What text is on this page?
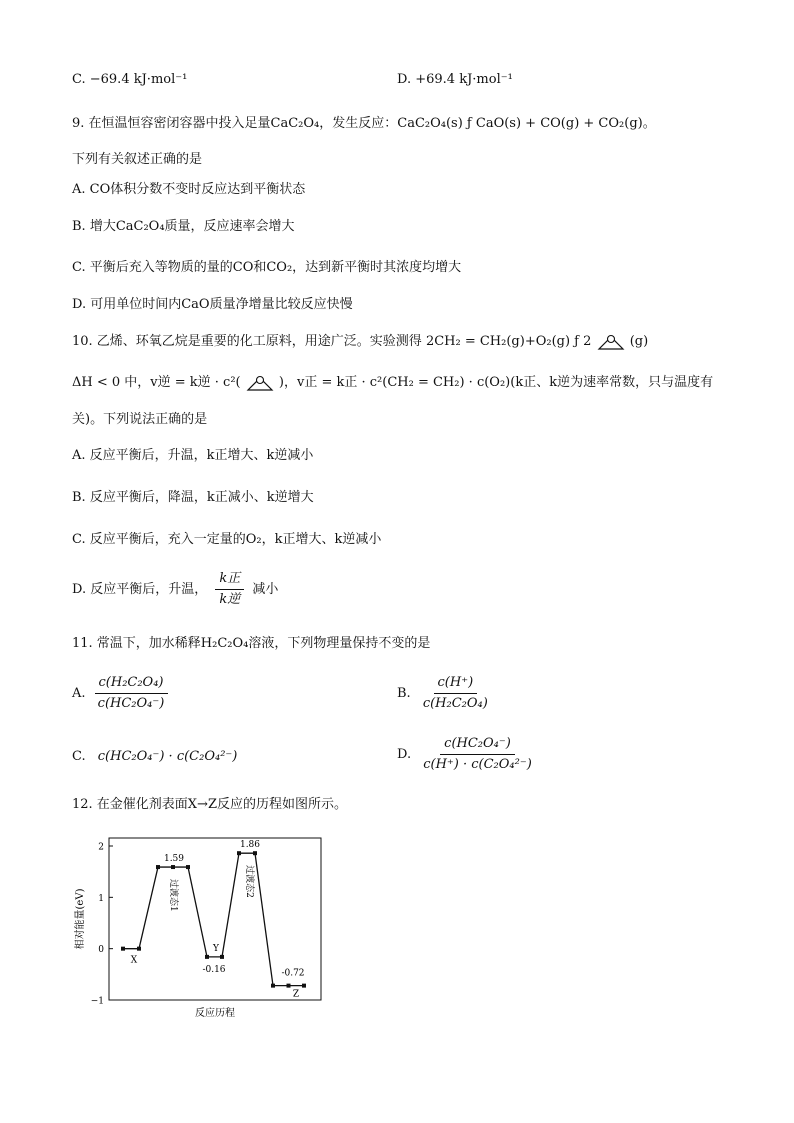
C. −69.4 kJ·mol⁻¹	D. +69.4 kJ·mol⁻¹
9. 在恒温恒容密闭容器中投入足量CaC₂O₄，发生反应：CaC₂O₄(s) ƒ CaO(s) + CO(g) + CO₂(g)。
下列有关叙述正确的是
A. CO体积分数不变时反应达到平衡状态
B. 增大CaC₂O₄质量，反应速率会增大
C. 平衡后充入等物质的量的CO和CO₂，达到新平衡时其浓度均增大
D. 可用单位时间内CaO质量净增量比较反应快慢
10. 乙烯、环氧乙烷是重要的化工原料，用途广泛。实验测得 2CH₂ = CH₂(g)+O₂(g) ƒ 2	(g)
ΔH < 0 中，v逆 = k逆 · c²(	)，v正 = k正 · c²(CH₂ = CH₂) · c(O₂)(k正、k逆为速率常数，只与温度有
关)。下列说法正确的是
A. 反应平衡后，升温，k正增大、k逆减小
B. 反应平衡后，降温，k正减小、k逆增大
C. 反应平衡后，充入一定量的O₂，k正增大、k逆减小
D. 反应平衡后，升温， $\frac{\text{k正}}{\text{k逆}}$ 减小
11. 常温下，加水稀释H₂C₂O₄溶液，下列物理量保持不变的是
A. $\frac{\text{c(H₂C₂O₄)}}{\text{c(HC₂O₄⁻)}}$	B. $\frac{c(H^+)}{\text{c(H₂C₂O₄)}}$
C. c(HC₂O₄⁻) · c(C₂O₄²⁻)	D. $\frac{\text{c(HC₂O₄⁻)}}{\text{c(H⁺) · c(C₂O₄²⁻)}}$
12. 在金催化剂表面X→Z反应的历程如图所示。
2
1
0
−1
X
1.59
Y
-0.16
1.86
-0.72
Z
过渡态1	过渡态2
相对能量(eV)
反应历程
